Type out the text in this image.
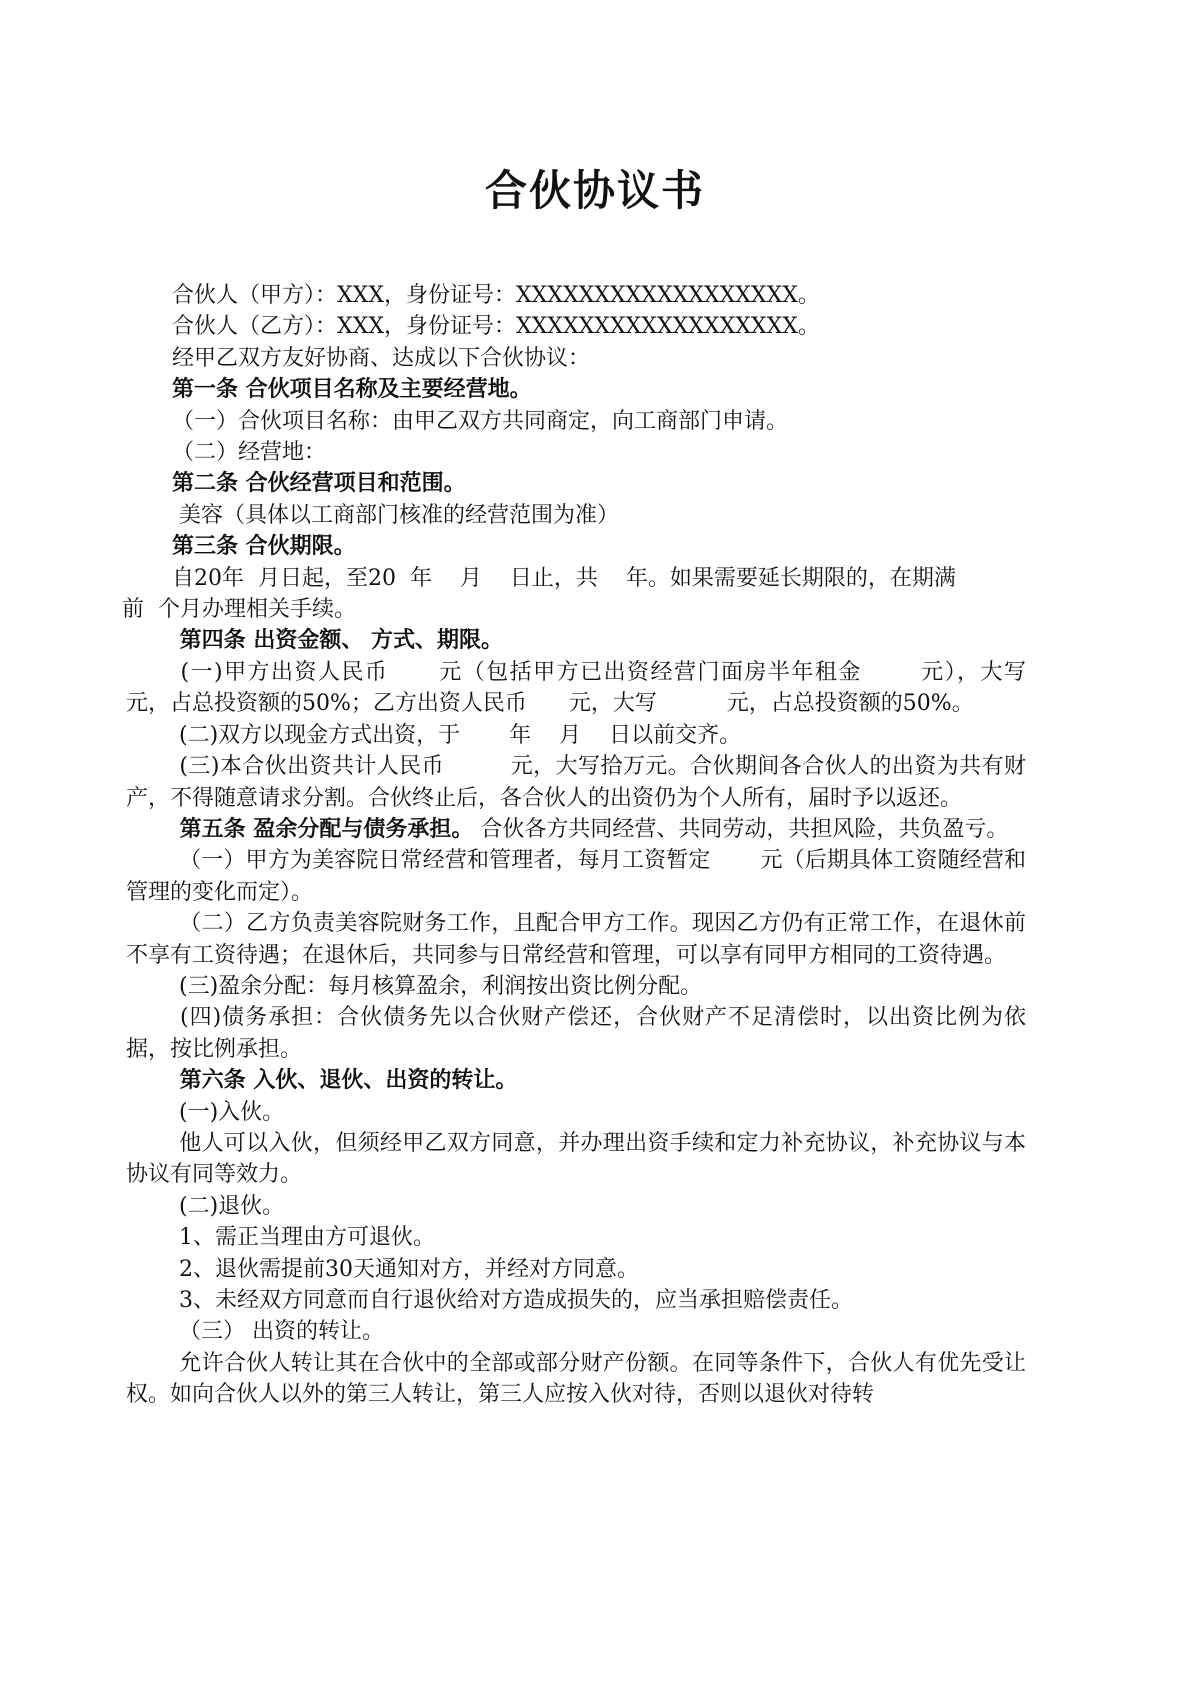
合伙协议书

合伙人（甲方）：XXX，身份证号：XXXXXXXXXXXXXXXXXX。

合伙人（乙方）：XXX，身份证号：XXXXXXXXXXXXXXXXXX。

经甲乙双方友好协商、达成以下合伙协议：

第一条 合伙项目名称及主要经营地。

（一）合伙项目名称：由甲乙双方共同商定，向工商部门申请。

（二）经营地：

第二条 合伙经营项目和范围。

美容（具体以工商部门核准的经营范围为准）

第三条 合伙期限。

自20年  月日起，至20  年    月    日止，共    年。如果需要延长期限的，在期满

前  个月办理相关手续。

第四条 出资金额、 方式、期限。

(一)甲方出资人民币      元（包括甲方已出资经营门面房半年租金       元），大写        元，占总投资额的50%；乙方出资人民币      元，大写          元，占总投资额的50%。

(二)双方以现金方式出资，于       年    月    日以前交齐。

(三)本合伙出资共计人民币         元，大写拾万元。合伙期间各合伙人的出资为共有财产，不得随意请求分割。合伙终止后，各合伙人的出资仍为个人所有，届时予以返还。

第五条 盈余分配与债务承担。 合伙各方共同经营、共同劳动，共担风险，共负盈亏。

（一）甲方为美容院日常经营和管理者，每月工资暂定       元（后期具体工资随经营和管理的变化而定）。

（二）乙方负责美容院财务工作，且配合甲方工作。现因乙方仍有正常工作，在退休前不享有工资待遇；在退休后，共同参与日常经营和管理，可以享有同甲方相同的工资待遇。

(三)盈余分配：每月核算盈余，利润按出资比例分配。

(四)债务承担：合伙债务先以合伙财产偿还，合伙财产不足清偿时，以出资比例为依据，按比例承担。

第六条 入伙、退伙、出资的转让。

(一)入伙。

他人可以入伙，但须经甲乙双方同意，并办理出资手续和定力补充协议，补充协议与本协议有同等效力。

(二)退伙。

1、需正当理由方可退伙。

2、退伙需提前30天通知对方，并经对方同意。

3、未经双方同意而自行退伙给对方造成损失的，应当承担赔偿责任。

（三） 出资的转让。

允许合伙人转让其在合伙中的全部或部分财产份额。在同等条件下，合伙人有优先受让权。如向合伙人以外的第三人转让，第三人应按入伙对待，否则以退伙对待转
